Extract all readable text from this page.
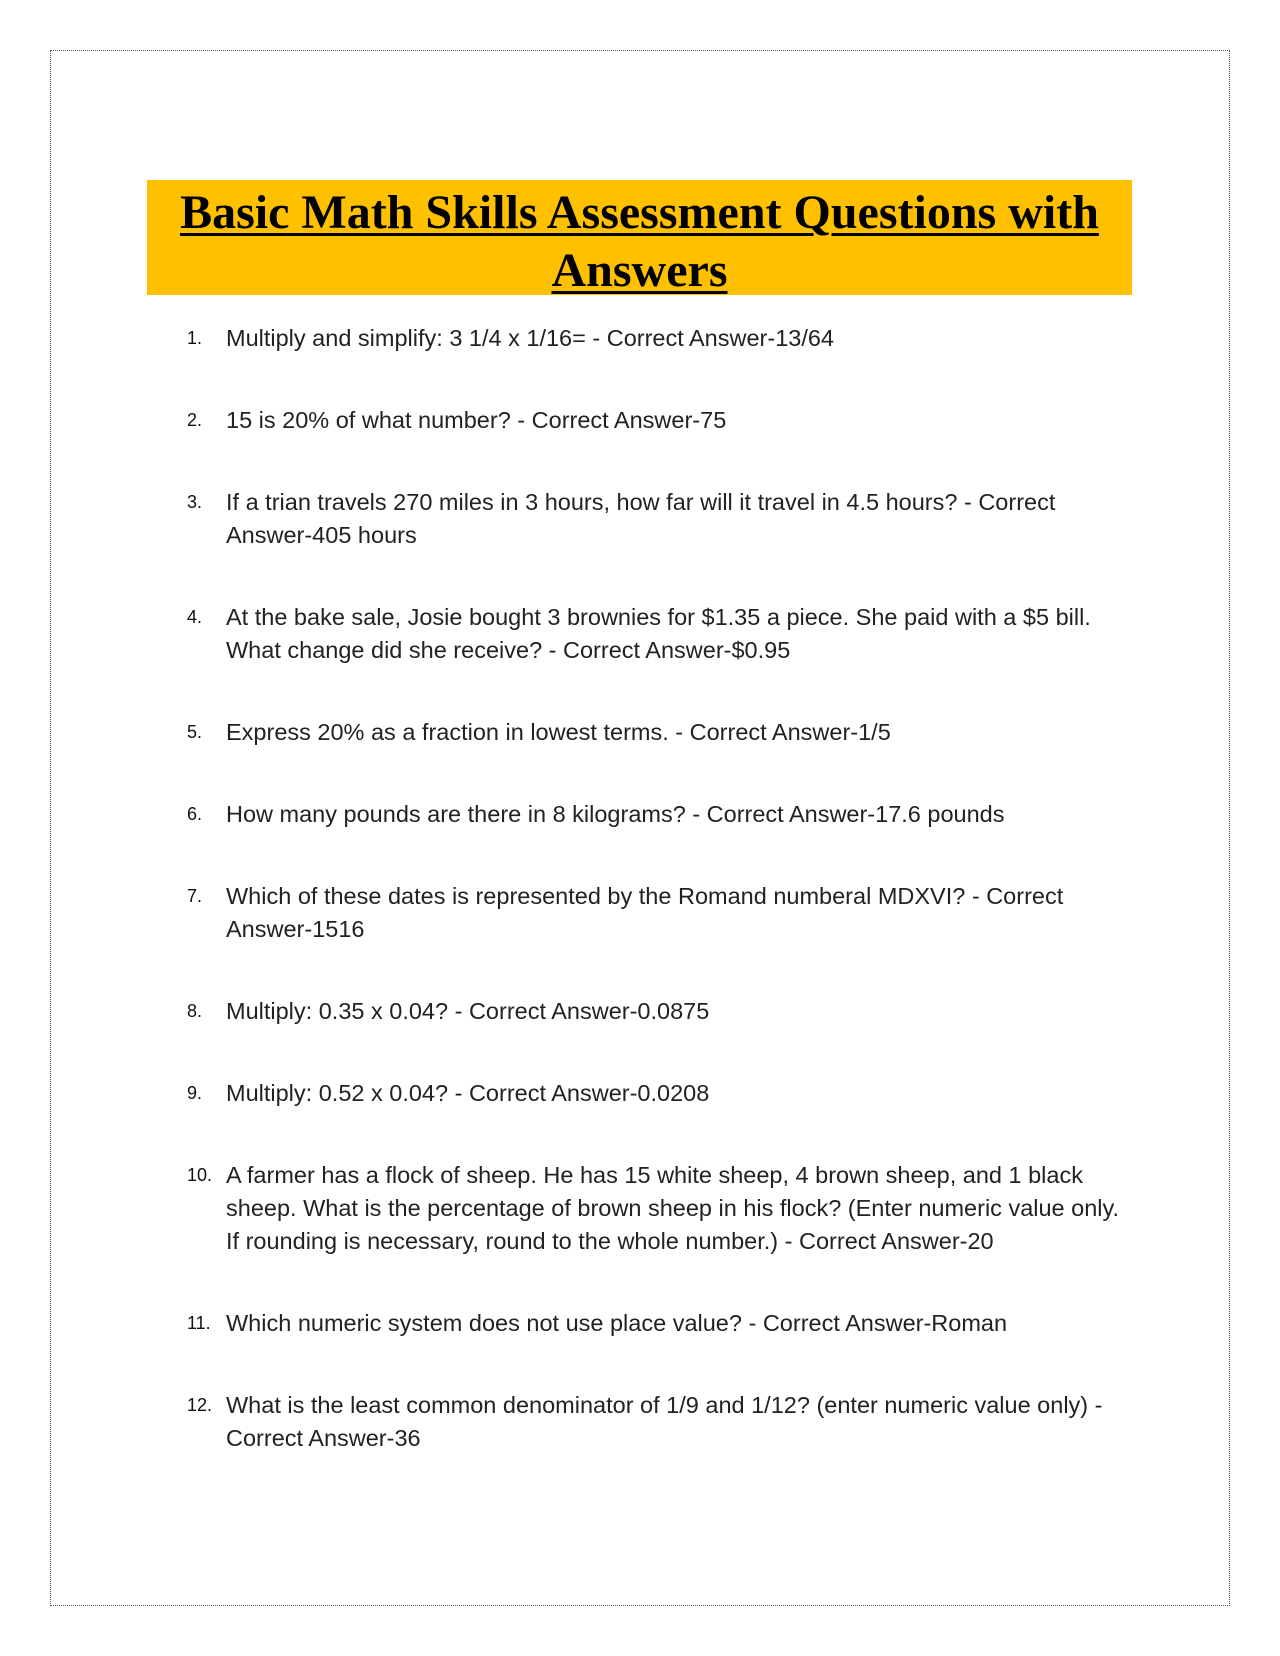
Basic Math Skills Assessment Questions with Answers
1. Multiply and simplify: 3 1/4 x 1/16= - Correct Answer-13/64
2. 15 is 20% of what number? - Correct Answer-75
3. If a trian travels 270 miles in 3 hours, how far will it travel in 4.5 hours? - Correct Answer-405 hours
4. At the bake sale, Josie bought 3 brownies for $1.35 a piece. She paid with a $5 bill. What change did she receive? - Correct Answer-$0.95
5. Express 20% as a fraction in lowest terms. - Correct Answer-1/5
6. How many pounds are there in 8 kilograms? - Correct Answer-17.6 pounds
7. Which of these dates is represented by the Romand numberal MDXVI? - Correct Answer-1516
8. Multiply: 0.35 x 0.04? - Correct Answer-0.0875
9. Multiply: 0.52 x 0.04? - Correct Answer-0.0208
10. A farmer has a flock of sheep. He has 15 white sheep, 4 brown sheep, and 1 black sheep. What is the percentage of brown sheep in his flock? (Enter numeric value only. If rounding is necessary, round to the whole number.) - Correct Answer-20
11. Which numeric system does not use place value? - Correct Answer-Roman
12. What is the least common denominator of 1/9 and 1/12? (enter numeric value only) - Correct Answer-36
